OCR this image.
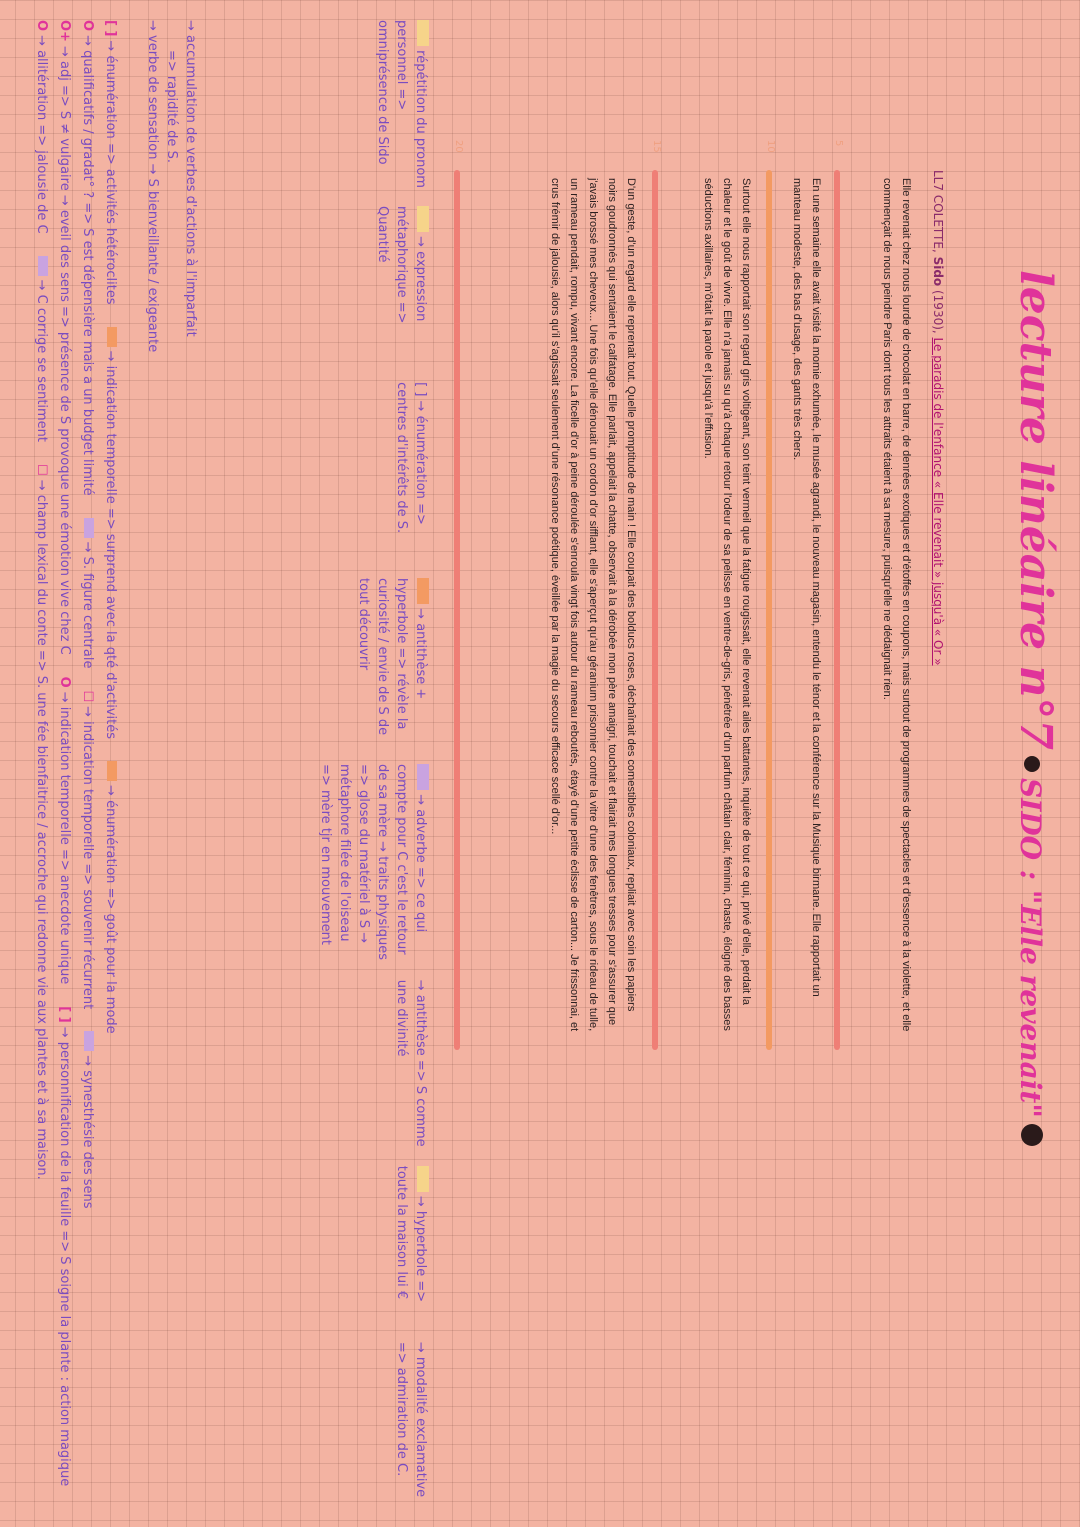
lecture linéaire n°7SIDO : "Elle revenait"
LL7 COLETTE, Sido (1930), Le paradis de l'enfance « Elle revenait » jusqu'à « Or »

Elle revenait chez nous lourde de chocolat en barre, de denrées exotiques et d'étoffes en coupons, mais surtout de programmes de spectacles et d'essence à la violette, et elle commençait de nous peindre Paris dont tous les attraits étaient à sa mesure, puisqu'elle ne dédaignait rien.

5

En une semaine elle avait visité la momie exhumée, le musée agrandi, le nouveau magasin, entendu le ténor et la conférence sur la Musique birmane. Elle rapportait un manteau modeste, des bas d'usage, des gants très chers.

10

Surtout elle nous rapportait son regard gris voltigeant, son teint vermeil que la fatigue rougissait, elle revenait ailes battantes, inquiète de tout ce qui, privé d'elle, perdait la chaleur et le goût de vivre. Elle n'a jamais su qu'à chaque retour l'odeur de sa pelisse en ventre-de-gris, pénétrée d'un parfum châtain clair, féminin, chaste, éloigné des basses séductions axillaires, m'ôtait la parole et jusqu'à l'effusion.

15

D'un geste, d'un regard elle reprenait tout. Quelle promptitude de main ! Elle coupait des bolducs roses, déchaînait des comestibles coloniaux, repliait avec soin les papiers noirs goudronnés qui sentaient le calfatage. Elle parlait, appelait la chatte, observait à la dérobée mon père amaigri, touchait et flairait mes longues tresses pour s'assurer que j'avais brossé mes cheveux... Une fois qu'elle dénouait un cordon d'or sifflant, elle s'aperçut qu'au géranium prisonnier contre la vitre d'une des fenêtres, sous le rideau de tulle, un rameau pendait, rompu, vivant encore. La ficelle d'or à peine déroulée s'enroula vingt fois autour du rameau reboutés, étayé d'une petite éclisse de carton... Je frissonnai, et crus frémir de jalousie, alors qu'il s'agissait seulement d'une résonance poétique, éveillée par la magie du secours efficace scellé d'or...

20
répétition du pronom personnel => omniprésence de Sido
→ expression métaphorique => Quantité
[ ] → énumération => centres d'intérêts de S.
→ antithèse + hyperbole => révèle la curiosité / envie de S de tout découvrir
→ adverbe => ce qui compte pour C c'est le retour de sa mère → traits physiques => glose du matériel à S → métaphore filée de l'oiseau => mère tjr en mouvement
→ antithèse => S comme une divinité
→ hyperbole => toute la maison lui €
→ modalité exclamative => admiration de C.
→ accumulation de verbes d'actions à l'imparfait
=> rapidité de S.
→ verbe de sensation → S bienveillante / exigeante
[ ]→ énumération => activités hétéroclites
→ indication temporelle => surprend avec la qté d'activités
→ énumération => goût pour la mode
O→ qualificatifs / gradat° ? => S est dépensière mais a un budget limité
→ S. figure centrale
☐→ indication temporelle => souvenir récurrent
→ synesthésie des sens
O+→ adj => S ≠ vulgaire → eveil des sens => présence de S provoque une émotion vive chez C
O→ indication temporelle => anecdote unique
[ ]→ personnification de la feuille => S soigne la plante : action magique
O→ allitération => jalousie de C
→ C corrige se sentiment
☐→ champ lexical du conte => S. une fée bienfaitrice / accroche qui redonne vie aux plantes et à sa maison.
